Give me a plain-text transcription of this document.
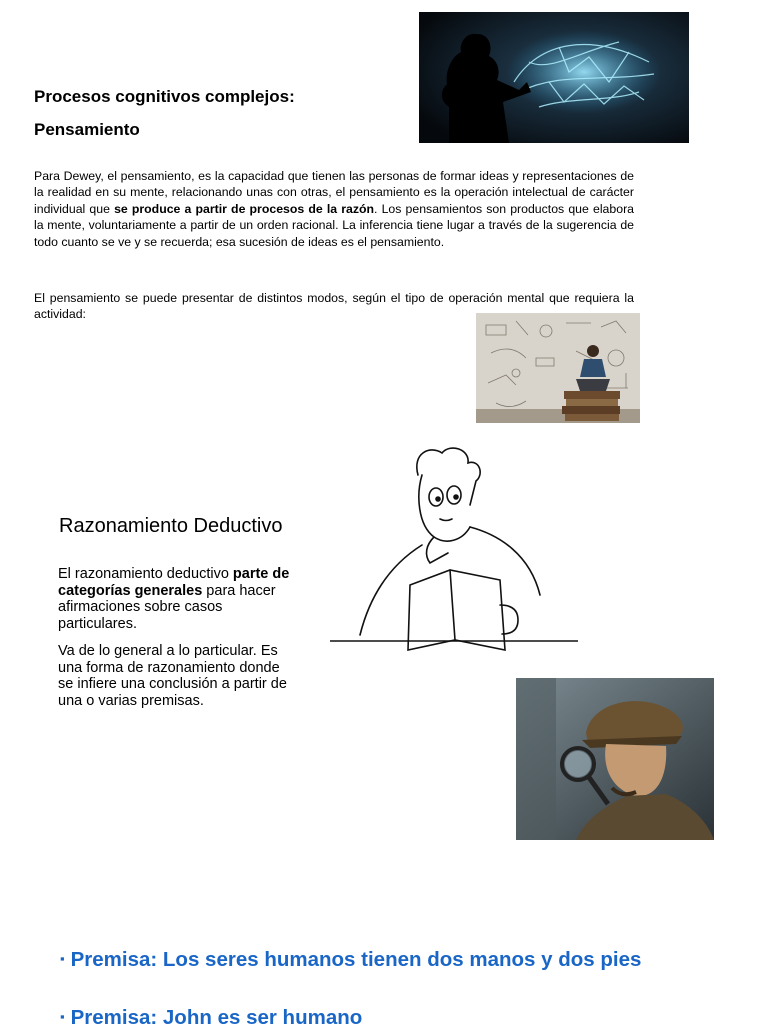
Procesos cognitivos complejos:
Pensamiento

Para Dewey, el pensamiento, es la capacidad que tienen las personas de formar ideas y representaciones de la realidad en su mente, relacionando unas con otras, el pensamiento es la operación intelectual de carácter individual que se produce a partir de procesos de la razón. Los pensamientos son productos que elabora la mente, voluntariamente a partir de un orden racional. La inferencia tiene lugar a través de la sugerencia de todo cuanto se ve y se recuerda; esa sucesión de ideas es el pensamiento.

El pensamiento se puede presentar de distintos modos, según el tipo de operación mental que requiera la actividad:

Razonamiento Deductivo

El razonamiento deductivo parte de categorías generales para hacer afirmaciones sobre casos particulares.

Va de lo general a lo particular. Es una forma de razonamiento donde se infiere una conclusión a partir de una o varias premisas.

▪ Premisa: Los seres humanos tienen dos manos y dos pies
▪ Premisa: John es ser humano
